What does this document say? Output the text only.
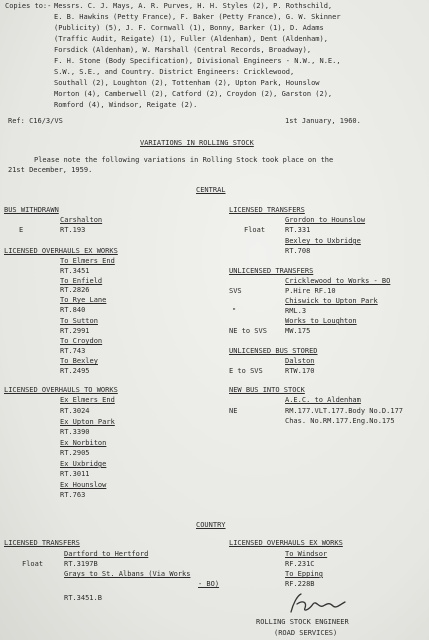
Copies to:- Messrs. C. J. Mays, A. R. Purves, H. H. Styles (2), P. Rothschild,
E. B. Hawkins (Petty France), F. Baker (Petty France), G. W. Skinner
(Publicity) (5), J. F. Cornwall (1), Bonny, Barker (1), D. Adams
(Traffic Audit, Reigate) (1), Fuller (Aldenham), Dent (Aldenham),
Forsdick (Aldenham), W. Marshall (Central Records, Broadway),
F. H. Stone (Body Specification), Divisional Engineers - N.W., N.E.,
S.W., S.E., and Country. District Engineers: Cricklewood,
Southall (2), Loughton (2), Tottenham (2), Upton Park, Hounslow
Morton (4), Camberwell (2), Catford (2), Croydon (2), Garston (2),
Romford (4), Windsor, Reigate (2).
Ref: C16/3/VS	1st January, 1960.
VARIATIONS IN ROLLING STOCK
Please note the following variations in Rolling Stock took place on the
21st December, 1959.
CENTRAL
BUS WITHDRAWN
Carshalton
E	RT.193
LICENSED OVERHAULS EX WORKS
To Elmers End
RT.3451
To Enfield
RT.2826
To Rye Lane
RT.840
To Sutton
RT.2991
To Croydon
RT.743
To Bexley
RT.2495
LICENSED OVERHAULS TO WORKS
Ex Elmers End
RT.3024
Ex Upton Park
RT.3390
Ex Norbiton
RT.2905
Ex Uxbridge
RT.3011
Ex Hounslow
RT.763
LICENSED TRANSFERS
Grordon to Hounslow
Float	RT.331
Bexley to Uxbridge
RT.708
UNLICENSED TRANSFERS
Cricklewood to Works - BO
SVS	P.Hire RF.10
Chiswick to Upton Park
"	RML.3
Works to Loughton
NE to SVS	MW.175
UNLICENSED BUS STORED
Dalston
E to SVS	RTW.170
NEW BUS INTO STOCK
A.E.C. to Aldenham
NE	RM.177.VLT.177.Body No.D.177
Chas. No.RM.177.Eng.No.175
COUNTRY
LICENSED TRANSFERS
Dartford to Hertford
Float	RT.3197B
Grays to St. Albans (Via Works
- BO)
RT.3451.B
LICENSED OVERHAULS EX WORKS
To Windsor
RF.231C
To Epping
RF.228B
ROLLING STOCK ENGINEER
(ROAD SERVICES)
